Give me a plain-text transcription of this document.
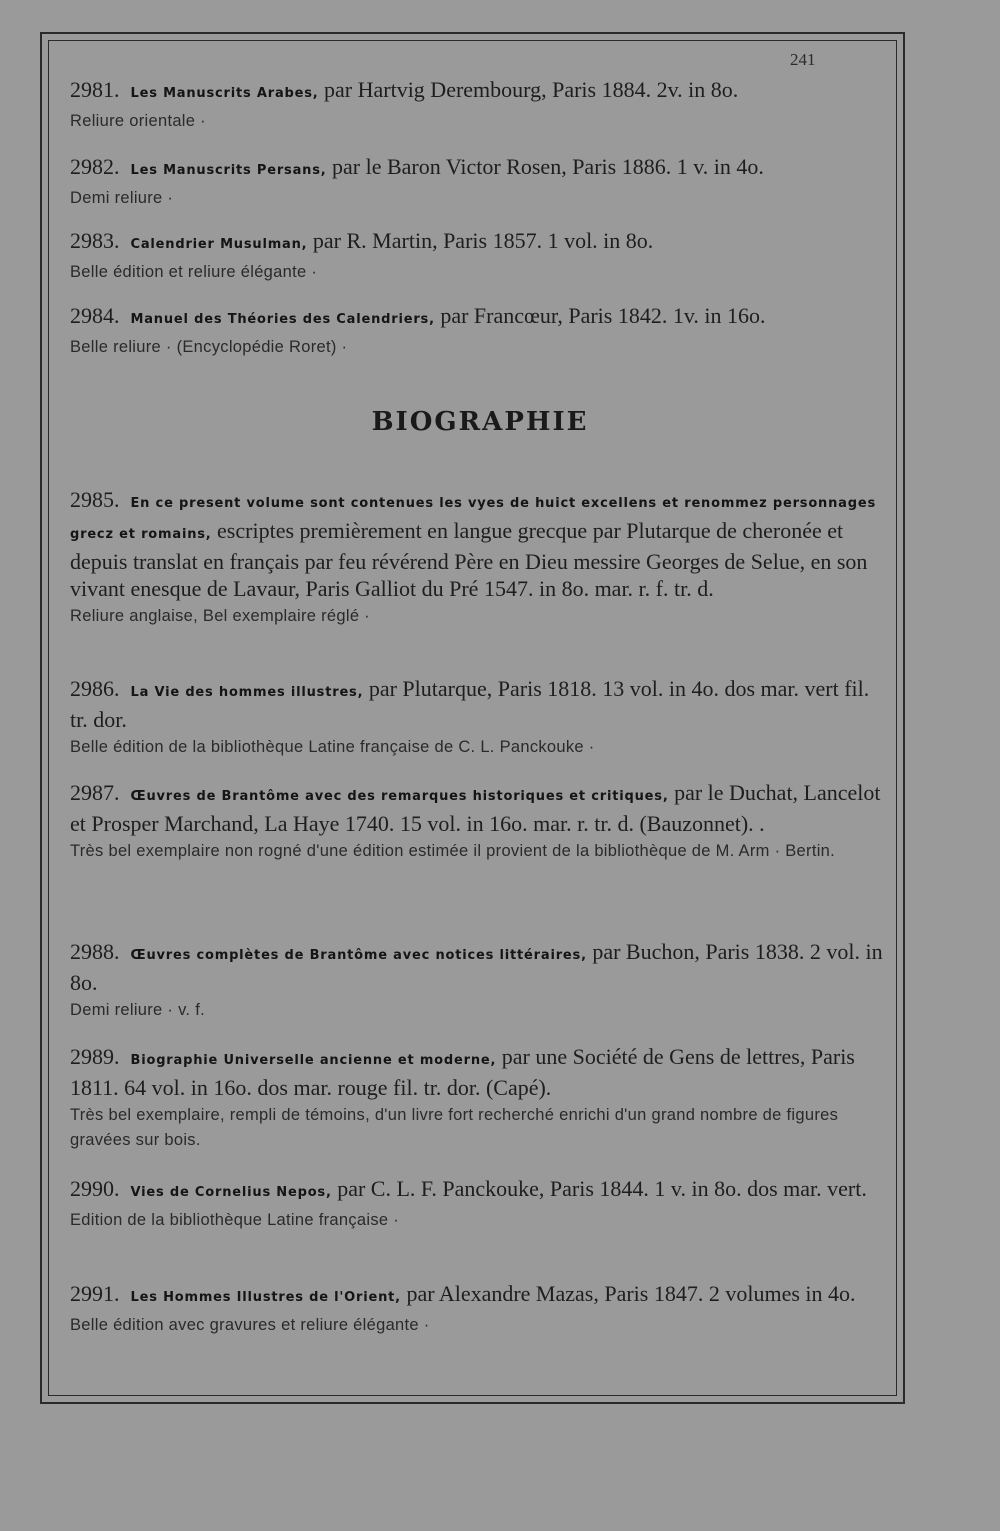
241
2981. Les Manuscrits Arabes, par Hartvig Derembourg, Paris 1884. 2v. in 8o.
Reliure orientale ·
2982. Les Manuscrits Persans, par le Baron Victor Rosen, Paris 1886. 1 v. in 4o.
Demi reliure ·
2983. Calendrier Musulman, par R. Martin, Paris 1857. 1 vol. in 8o.
Belle édition et reliure élégante ·
2984. Manuel des Théories des Calendriers, par Francœur, Paris 1842. 1v. in 16o.
Belle reliure · (Encyclopédie Roret) ·
BIOGRAPHIE
2985. En ce present volume sont contenues les vyes de huict excellens et renommez personnages grecz et romains, escriptes premièrement en langue grecque par Plutarque de cheronée et depuis translat en français par feu révérend Père en Dieu messire Georges de Selue, en son vivant enesque de Lavaur, Paris Galliot du Pré 1547. in 8o. mar. r. f. tr. d.
Reliure anglaise, Bel exemplaire réglé ·
2986. La Vie des hommes illustres, par Plutarque, Paris 1818. 13 vol. in 4o. dos mar. vert fil. tr. dor.
Belle édition de la bibliothèque Latine française de C. L. Panckouke ·
2987. Œuvres de Brantôme avec des remarques historiques et critiques, par le Duchat, Lancelot et Prosper Marchand, La Haye 1740. 15 vol. in 16o. mar. r. tr. d. (Bauzonnet). .
Très bel exemplaire non rogné d'une édition estimée il provient de la bibliothèque de M. Arm · Bertin.
2988. Œuvres complètes de Brantôme avec notices littéraires, par Buchon, Paris 1838. 2 vol. in 8o.
Demi reliure · v. f.
2989. Biographie Universelle ancienne et moderne, par une Société de Gens de lettres, Paris 1811. 64 vol. in 16o. dos mar. rouge fil. tr. dor. (Capé).
Très bel exemplaire, rempli de témoins, d'un livre fort recherché enrichi d'un grand nombre de figures gravées sur bois.
2990. Vies de Cornelius Nepos, par C. L. F. Panckouke, Paris 1844. 1 v. in 8o. dos mar. vert.
Edition de la bibliothèque Latine française ·
2991. Les Hommes Illustres de l'Orient, par Alexandre Mazas, Paris 1847. 2 volumes in 4o.
Belle édition avec gravures et reliure élégante ·
